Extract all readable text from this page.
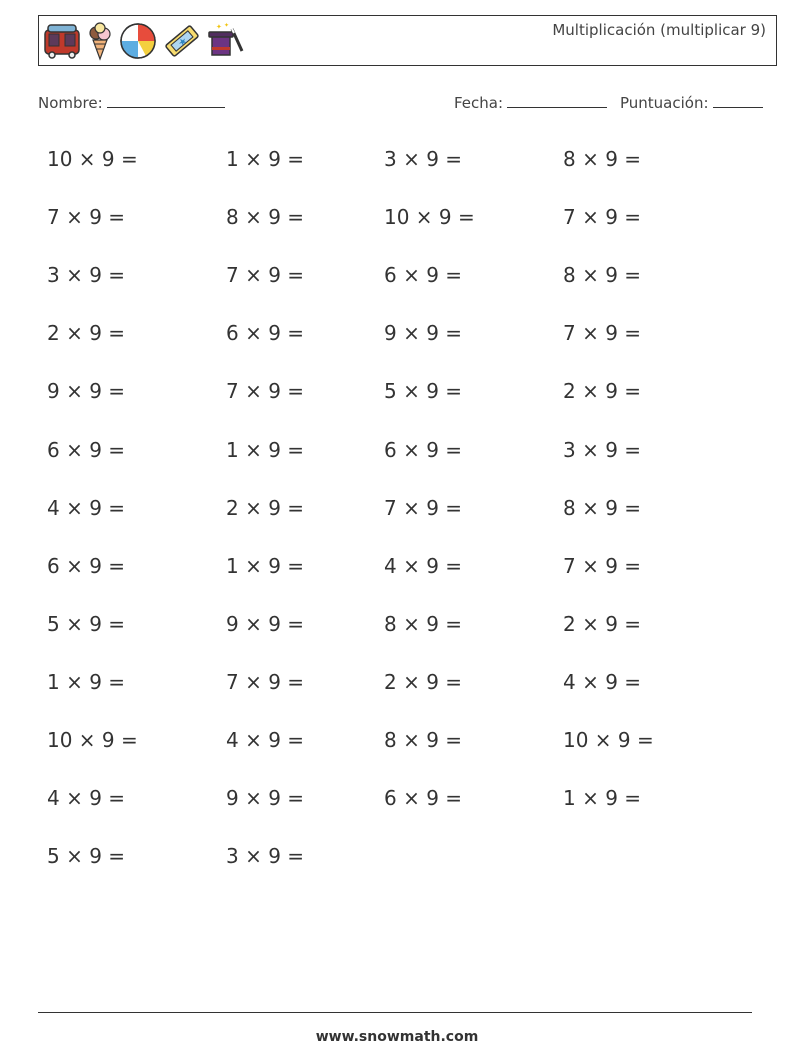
✦ ✦	Multiplicación (multiplicar 9)
Nombre:	Fecha:	Puntuación:
10 × 9 =	1 × 9 =	3 × 9 =	8 × 9 =
7 × 9 =	8 × 9 =	10 × 9 =	7 × 9 =
3 × 9 =	7 × 9 =	6 × 9 =	8 × 9 =
2 × 9 =	6 × 9 =	9 × 9 =	7 × 9 =
9 × 9 =	7 × 9 =	5 × 9 =	2 × 9 =
6 × 9 =	1 × 9 =	6 × 9 =	3 × 9 =
4 × 9 =	2 × 9 =	7 × 9 =	8 × 9 =
6 × 9 =	1 × 9 =	4 × 9 =	7 × 9 =
5 × 9 =	9 × 9 =	8 × 9 =	2 × 9 =
1 × 9 =	7 × 9 =	2 × 9 =	4 × 9 =
10 × 9 =	4 × 9 =	8 × 9 =	10 × 9 =
4 × 9 =	9 × 9 =	6 × 9 =	1 × 9 =
5 × 9 =	3 × 9 =
www.snowmath.com
